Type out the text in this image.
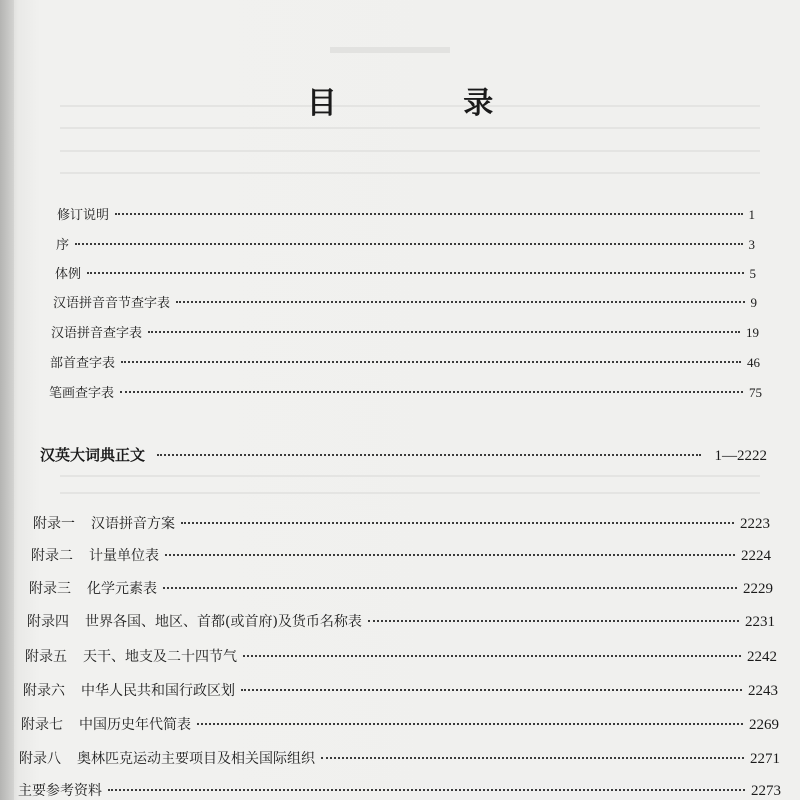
目 录
修订说明	1
序	3
体例	5
汉语拼音音节查字表	9
汉语拼音查字表	19
部首查字表	46
笔画查字表	75
汉英大词典正文	1—2222
附录一 汉语拼音方案	2223
附录二 计量单位表	2224
附录三 化学元素表	2229
附录四 世界各国、地区、首都(或首府)及货币名称表	2231
附录五 天干、地支及二十四节气	2242
附录六 中华人民共和国行政区划	2243
附录七 中国历史年代简表	2269
附录八 奥林匹克运动主要项目及相关国际组织	2271
主要参考资料	2273
